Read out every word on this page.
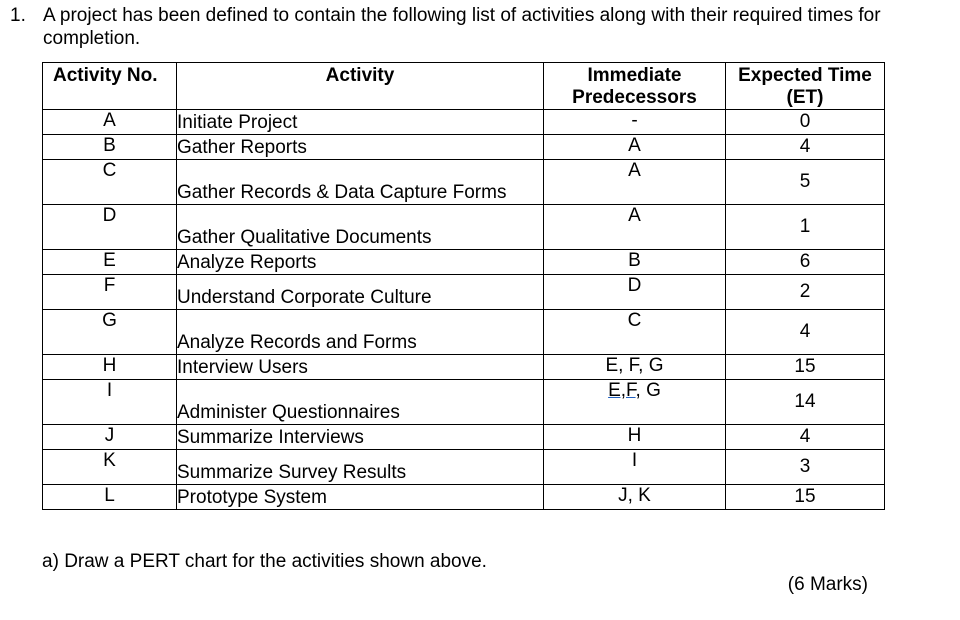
1. A project has been defined to contain the following list of activities along with their required times for completion.
Activity No.	Activity	Immediate Predecessors	Expected Time (ET)
A	Initiate Project	-	0
B	Gather Reports	A	4
C	Gather Records & Data Capture Forms	A	5
D	Gather Qualitative Documents	A	1
E	Analyze Reports	B	6
F	Understand Corporate Culture	D	2
G	Analyze Records and Forms	C	4
H	Interview Users	E, F, G	15
I	Administer Questionnaires	E,F, G	14
J	Summarize Interviews	H	4
K	Summarize Survey Results	I	3
L	Prototype System	J, K	15
a) Draw a PERT chart for the activities shown above.
(6 Marks)
